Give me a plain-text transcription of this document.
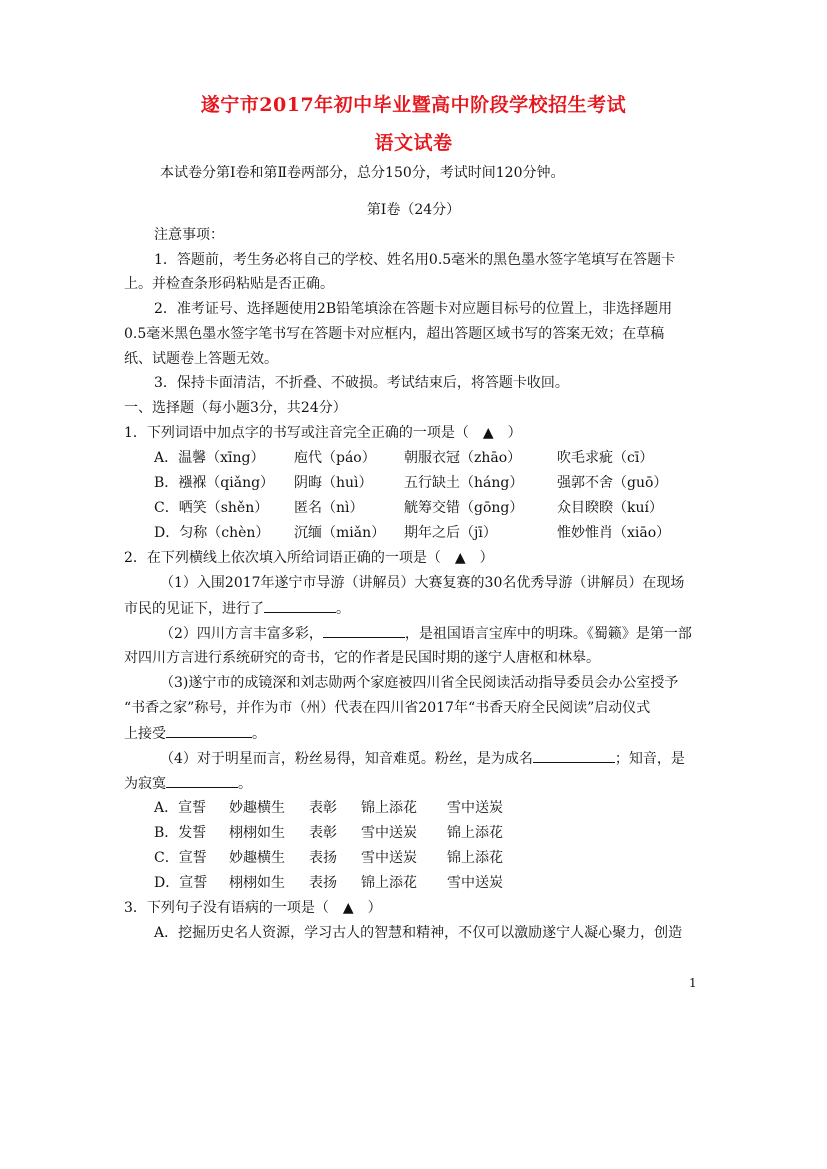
遂宁市2017年初中毕业暨高中阶段学校招生考试
语文试卷
本试卷分第Ⅰ卷和第Ⅱ卷两部分，总分150分，考试时间120分钟。
第Ⅰ卷（24分）
注意事项：
1．答题前，考生务必将自己的学校、姓名用0.5毫米的黑色墨水签字笔填写在答题卡
上。并检查条形码粘贴是否正确。
2．准考证号、选择题使用2B铅笔填涂在答题卡对应题目标号的位置上，非选择题用
0.5毫米黑色墨水签字笔书写在答题卡对应框内，超出答题区域书写的答案无效；在草稿
纸、试题卷上答题无效。
3．保持卡面清洁，不折叠、不破损。考试结束后，将答题卡收回。
一、选择题（每小题3分，共24分）
1．下列词语中加点字的书写或注音完全正确的一项是（　▲　）
A．温馨（xīng） 庖代（páo） 朝服衣冠（zhāo）	吹毛求疵（cī）
B．襁褓（qiǎng） 阴晦（huì） 五行缺土（háng） 强郭不舍（guō）
C．哂笑（shěn） 匿名（nì）	觥筹交错（gōng） 众目睽睽（kuí）
D．匀称（chèn） 沉缅（miǎn） 期年之后（jī）	惟妙惟肖（xiāo）
2．在下列横线上依次填入所给词语正确的一项是（　▲　）
（1）入围2017年遂宁市导游（讲解员）大赛复赛的30名优秀导游（讲解员）在现场
市民的见证下，进行了	。
（2）四川方言丰富多彩，	，是祖国语言宝库中的明珠。《蜀籁》是第一部
对四川方言进行系统研究的奇书，它的作者是民国时期的遂宁人唐枢和林皋。
（3)遂宁市的成镜深和刘志勋两个家庭被四川省全民阅读活动指导委员会办公室授予
“书香之家”称号，并作为市（州）代表在四川省2017年“书香天府全民阅读”启动仪式
上接受	。
（4）对于明星而言，粉丝易得，知音难觅。粉丝，是为成名	；知音，是
为寂寞	。
A．宣誓 妙趣横生 表彰 锦上添花 雪中送炭
B．发誓 栩栩如生 表彰 雪中送炭 锦上添花
C．宣誓 妙趣横生 表扬 雪中送炭 锦上添花
D．宣誓 栩栩如生 表扬 锦上添花 雪中送炭
3．下列句子没有语病的一项是（　▲　）
A．挖掘历史名人资源，学习古人的智慧和精神，不仅可以激励遂宁人凝心聚力，创造
1
